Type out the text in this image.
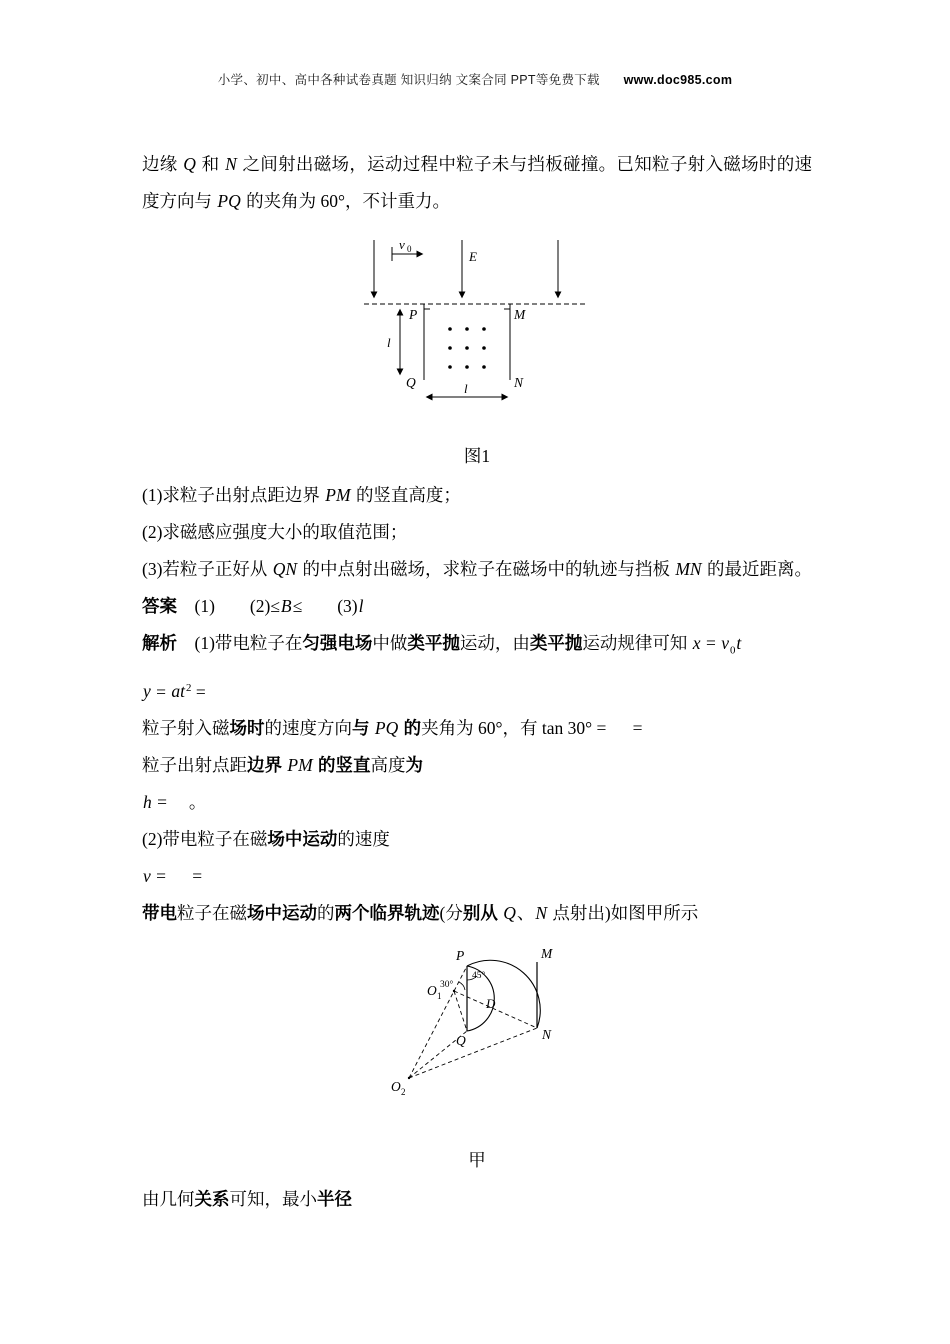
小学、初中、高中各种试卷真题 知识归纳 文案合同 PPT等免费下载 www.doc985.com

边缘 Q 和 N 之间射出磁场，运动过程中粒子未与挡板碰撞。已知粒子射入磁场时的速度方向与 PQ 的夹角为 60°，不计重力。

v 0	E
P	M
Q	N
l
l
图1

(1)求粒子出射点距边界 PM 的竖直高度；

(2)求磁感应强度大小的取值范围；

(3)若粒子正好从 QN 的中点射出磁场，求粒子在磁场中的轨迹与挡板 MN 的最近距离。

答案　(1)　　(2)≤B≤　　(3)l

解析　(1)带电粒子在匀强电场中做类平抛运动，由类平抛运动规律可知 $x = v_0t$

$y = at^2$ =

粒子射入磁场时的速度方向与 PQ 的夹角为 60°，有 tan 30° = 　 =

粒子出射点距边界 PM 的竖直高度为

h = 　。

(2)带电粒子在磁场中运动的速度

v = 　 =

带电粒子在磁场中运动的两个临界轨迹(分别从 Q、N 点射出)如图甲所示

P	M
Q	N
O 1
30°
45°
D
O 2
甲

由几何关系可知，最小半径
